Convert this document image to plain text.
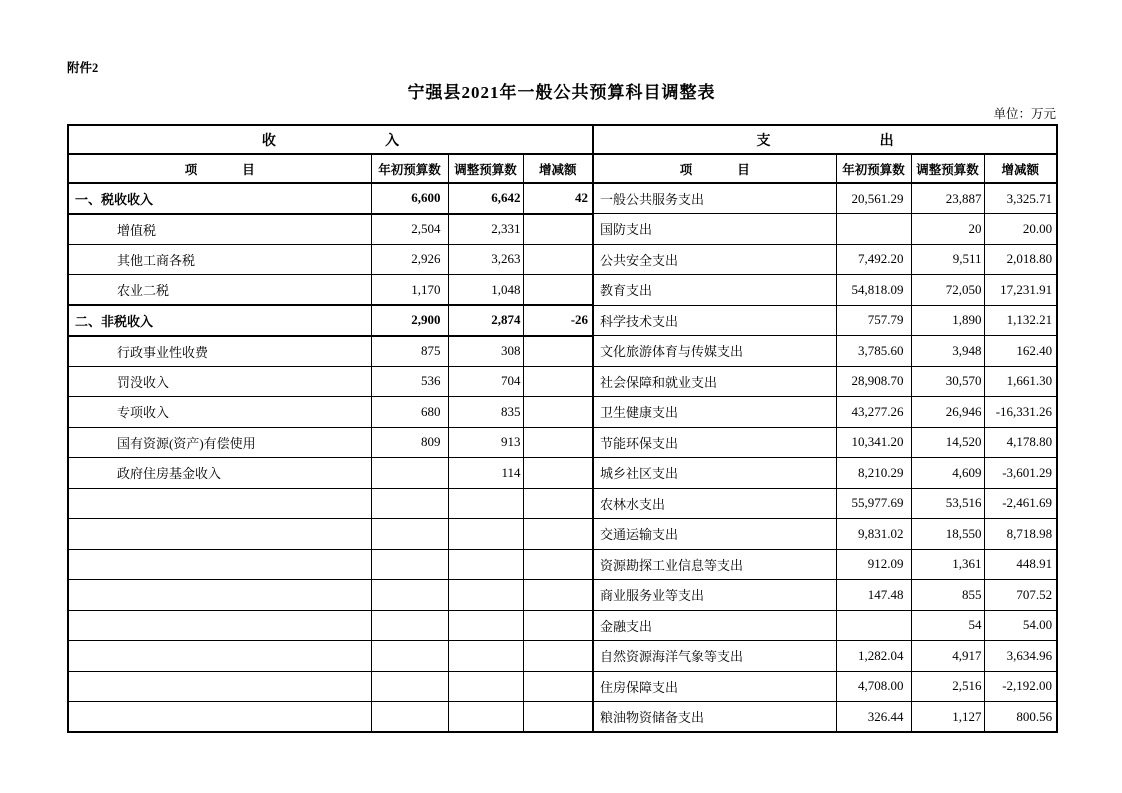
附件2
宁强县2021年一般公共预算科目调整表
单位：万元
收入				支出			
项目	年初预算数	调整预算数	增减额	项目	年初预算数	调整预算数	增减额
一、税收收入	6,600	6,642	42	一般公共服务支出	20,561.29	23,887	3,325.71
增值税	2,504	2,331		国防支出		20	20.00
其他工商各税	2,926	3,263		公共安全支出	7,492.20	9,511	2,018.80
农业二税	1,170	1,048		教育支出	54,818.09	72,050	17,231.91
二、非税收入	2,900	2,874	-26	科学技术支出	757.79	1,890	1,132.21
行政事业性收费	875	308		文化旅游体育与传媒支出	3,785.60	3,948	162.40
罚没收入	536	704		社会保障和就业支出	28,908.70	30,570	1,661.30
专项收入	680	835		卫生健康支出	43,277.26	26,946	-16,331.26
国有资源(资产)有偿使用	809	913		节能环保支出	10,341.20	14,520	4,178.80
政府住房基金收入		114		城乡社区支出	8,210.29	4,609	-3,601.29
				农林水支出	55,977.69	53,516	-2,461.69
				交通运输支出	9,831.02	18,550	8,718.98
				资源勘探工业信息等支出	912.09	1,361	448.91
				商业服务业等支出	147.48	855	707.52
				金融支出		54	54.00
				自然资源海洋气象等支出	1,282.04	4,917	3,634.96
				住房保障支出	4,708.00	2,516	-2,192.00
				粮油物资储备支出	326.44	1,127	800.56
